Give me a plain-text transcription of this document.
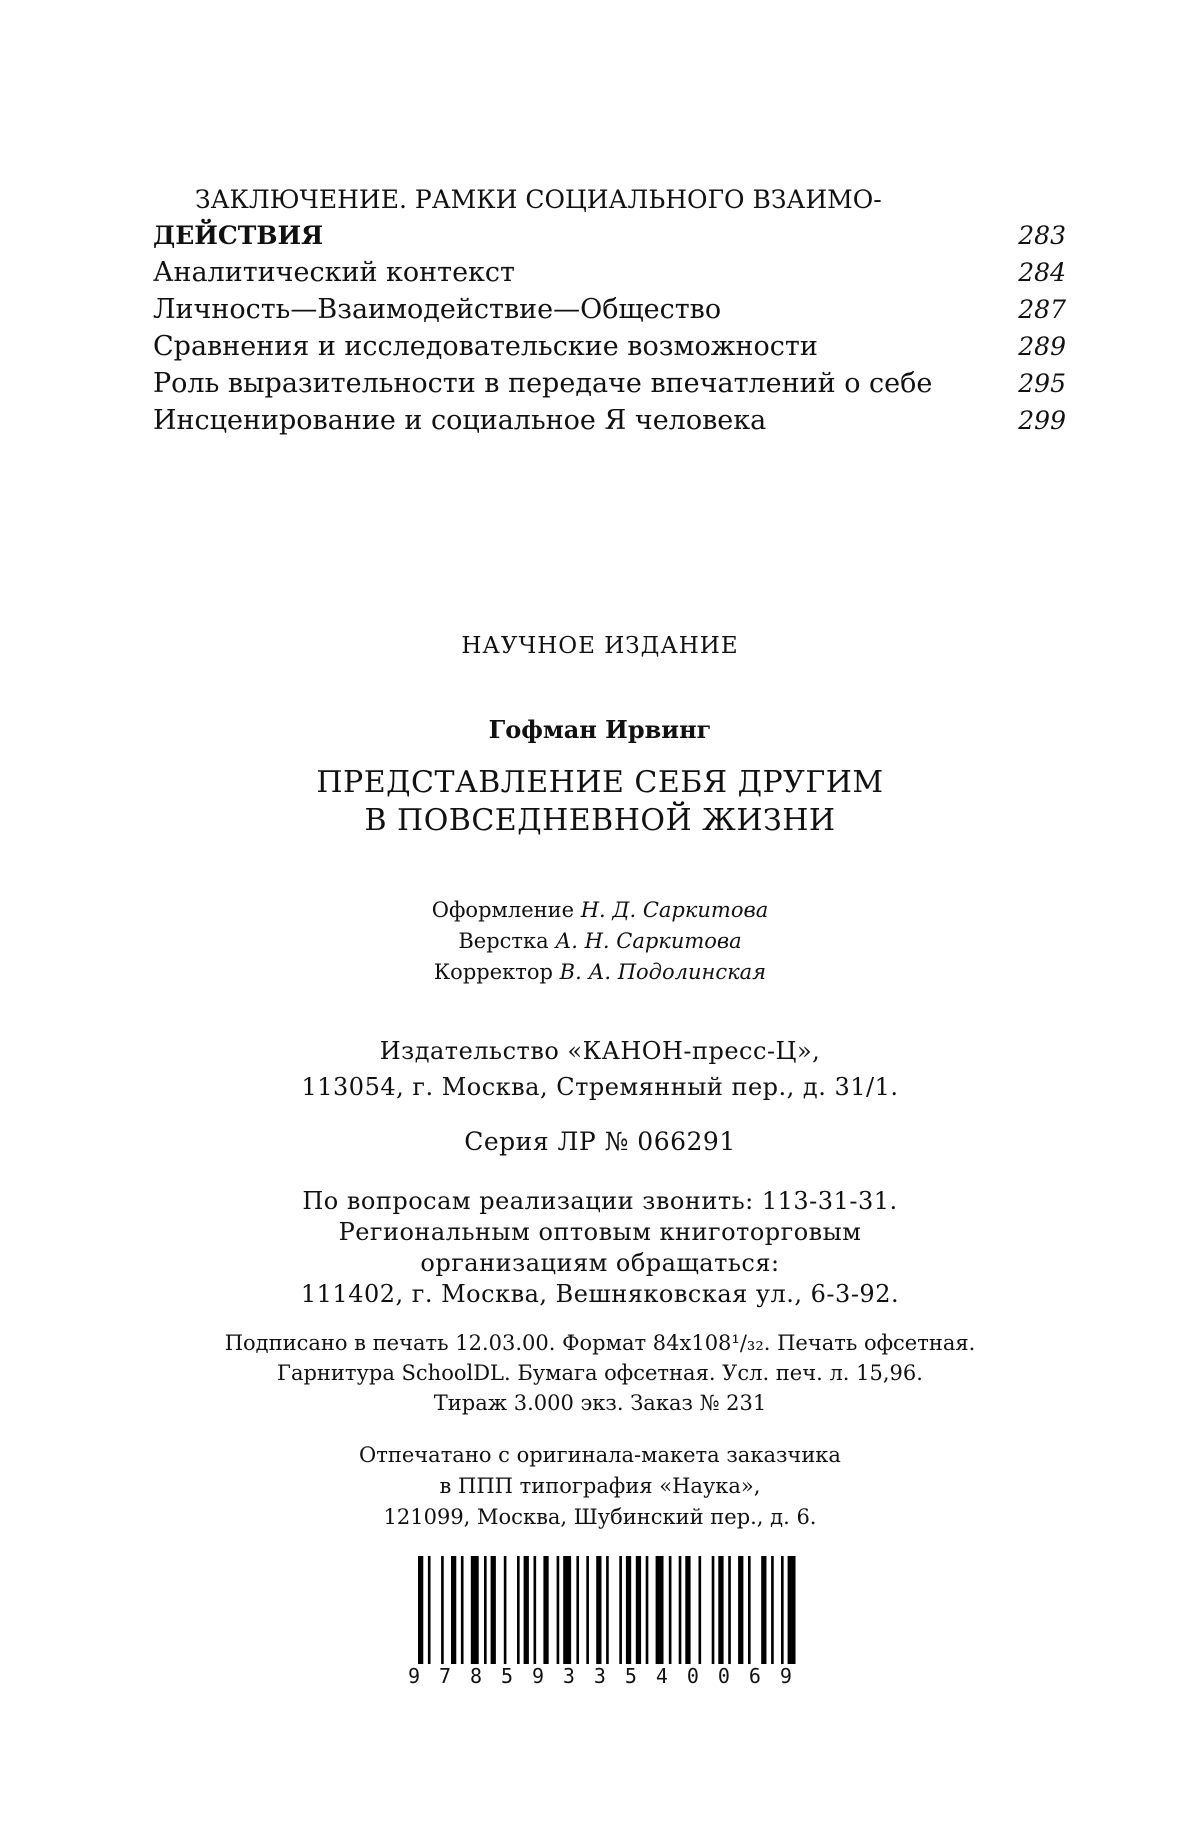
ЗАКЛЮЧЕНИЕ. РАМКИ СОЦИАЛЬНОГО ВЗАИМО-
ДЕЙСТВИЯ	283
Аналитический контекст	284
Личность—Взаимодействие—Общество	287
Сравнения и исследовательские возможности	289
Роль выразительности в передаче впечатлений о себе	295
Инсценирование и социальное Я человека	299
НАУЧНОЕ ИЗДАНИЕ
Гофман Ирвинг
ПРЕДСТАВЛЕНИЕ СЕБЯ ДРУГИМ
В ПОВСЕДНЕВНОЙ ЖИЗНИ
Оформление Н. Д. Саркитова
Верстка А. Н. Саркитова
Корректор В. А. Подолинская
Издательство «КАНОН-пресс-Ц»,
113054, г. Москва, Стремянный пер., д. 31/1.
Серия ЛР № 066291
По вопросам реализации звонить: 113-31-31.
Региональным оптовым книготорговым
организациям обращаться:
111402, г. Москва, Вешняковская ул., 6-3-92.
Подписано в печать 12.03.00. Формат 84x108¹/₃₂. Печать офсетная.
Гарнитура SchoolDL. Бумага офсетная. Усл. печ. л. 15,96.
Тираж 3.000 экз. Заказ № 231
Отпечатано с оригинала-макета заказчика
в ППП типография «Наука»,
121099, Москва, Шубинский пер., д. 6.
9 7 8 5 9 3 3 5 4 0 0 6 9
